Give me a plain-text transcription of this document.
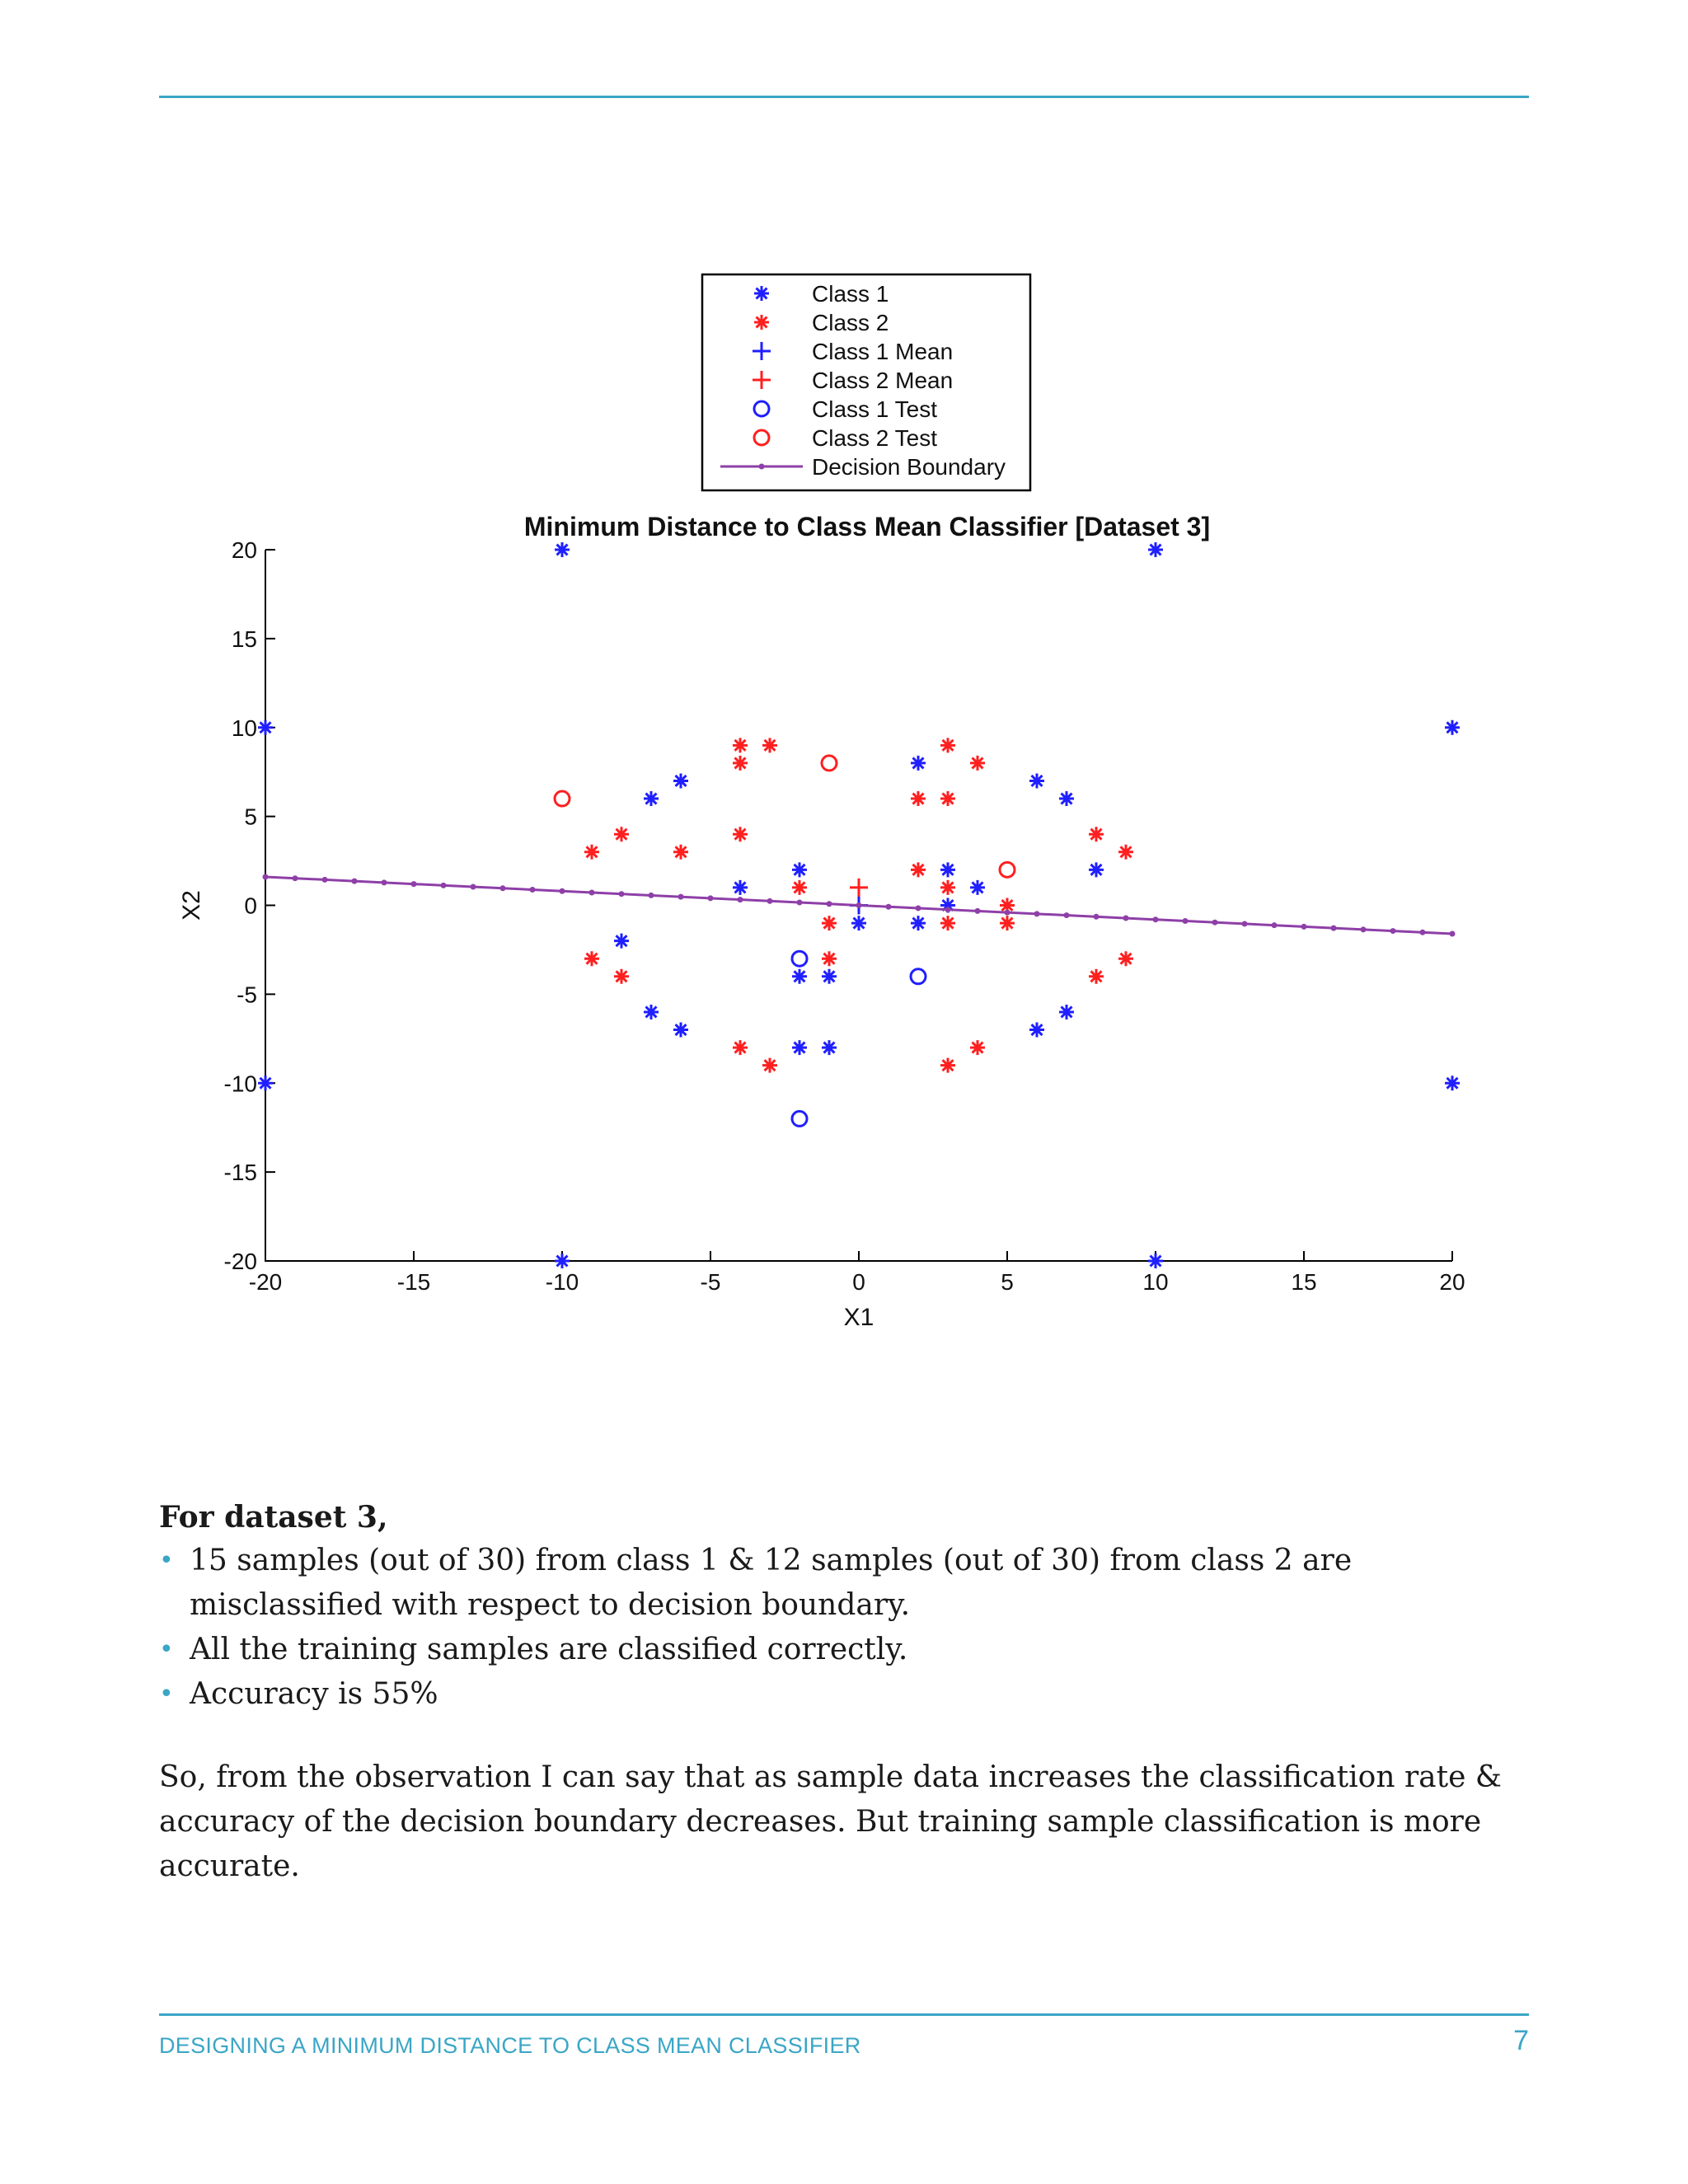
Class 1
Class 2
Class 1 Mean
Class 2 Mean
Class 1 Test
Class 2 Test
Decision Boundary
Minimum Distance to Class Mean Classifier [Dataset 3]
-20	-15	-10	-5	0	5	10	15	20
-20
-15
-10
-5
0
5
10
15
20
X1
X2

For dataset 3,

• 15 samples (out of 30) from class 1 & 12 samples (out of 30) from class 2 are misclassified with respect to decision boundary.
• All the training samples are classified correctly.
• Accuracy is 55%

So, from the observation I can say that as sample data increases the classification rate & accuracy of the decision boundary decreases. But training sample classification is more accurate.

DESIGNING A MINIMUM DISTANCE TO CLASS MEAN CLASSIFIER	7
